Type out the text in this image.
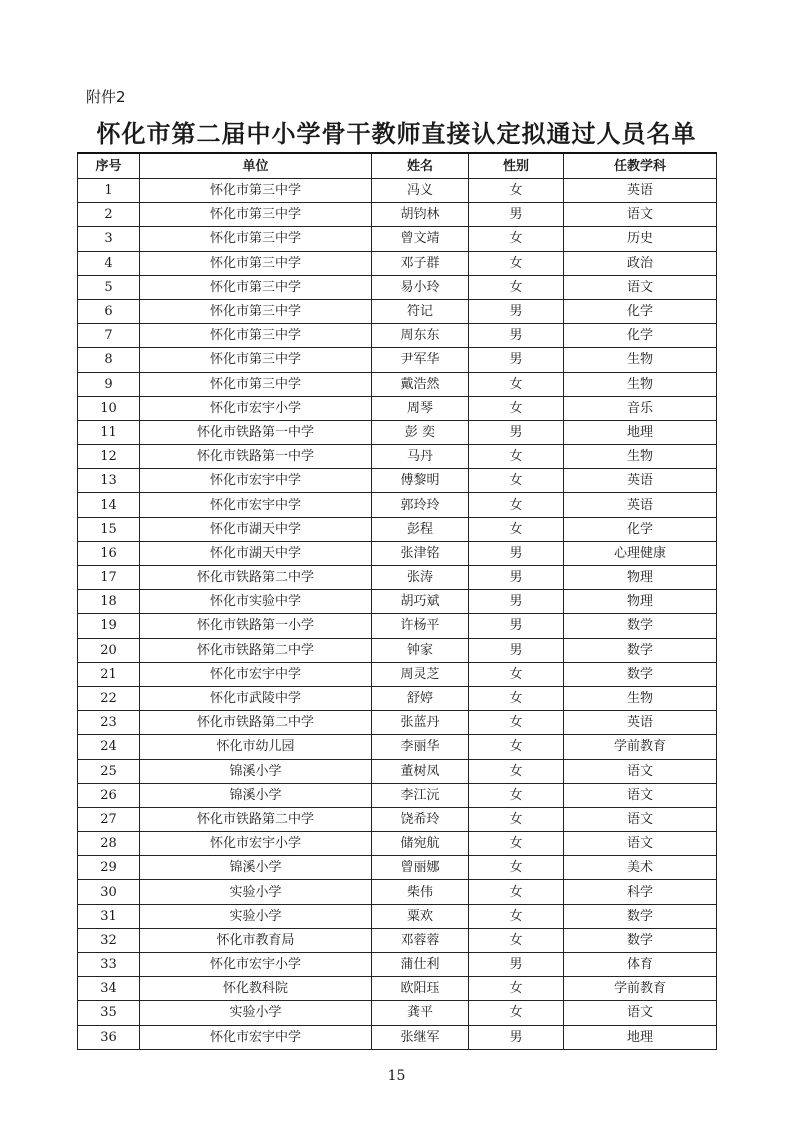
附件2
怀化市第二届中小学骨干教师直接认定拟通过人员名单
序号	单位	姓名	性别	任教学科
1	怀化市第三中学	冯义	女	英语
2	怀化市第三中学	胡钧林	男	语文
3	怀化市第三中学	曾文靖	女	历史
4	怀化市第三中学	邓子群	女	政治
5	怀化市第三中学	易小玲	女	语文
6	怀化市第三中学	符记	男	化学
7	怀化市第三中学	周东东	男	化学
8	怀化市第三中学	尹军华	男	生物
9	怀化市第三中学	戴浩然	女	生物
10	怀化市宏宇小学	周琴	女	音乐
11	怀化市铁路第一中学	彭 奕	男	地理
12	怀化市铁路第一中学	马丹	女	生物
13	怀化市宏宇中学	傅黎明	女	英语
14	怀化市宏宇中学	郭玲玲	女	英语
15	怀化市湖天中学	彭程	女	化学
16	怀化市湖天中学	张津铭	男	心理健康
17	怀化市铁路第二中学	张涛	男	物理
18	怀化市实验中学	胡巧斌	男	物理
19	怀化市铁路第一小学	许杨平	男	数学
20	怀化市铁路第二中学	钟家	男	数学
21	怀化市宏宇中学	周灵芝	女	数学
22	怀化市武陵中学	舒婷	女	生物
23	怀化市铁路第二中学	张蓝丹	女	英语
24	怀化市幼儿园	李丽华	女	学前教育
25	锦溪小学	董树凤	女	语文
26	锦溪小学	李江沅	女	语文
27	怀化市铁路第二中学	饶希玲	女	语文
28	怀化市宏宇小学	储宛航	女	语文
29	锦溪小学	曾丽娜	女	美术
30	实验小学	柴伟	女	科学
31	实验小学	粟欢	女	数学
32	怀化市教育局	邓蓉蓉	女	数学
33	怀化市宏宇小学	蒲仕利	男	体育
34	怀化教科院	欧阳珏	女	学前教育
35	实验小学	龚平	女	语文
36	怀化市宏宇中学	张继军	男	地理
15
